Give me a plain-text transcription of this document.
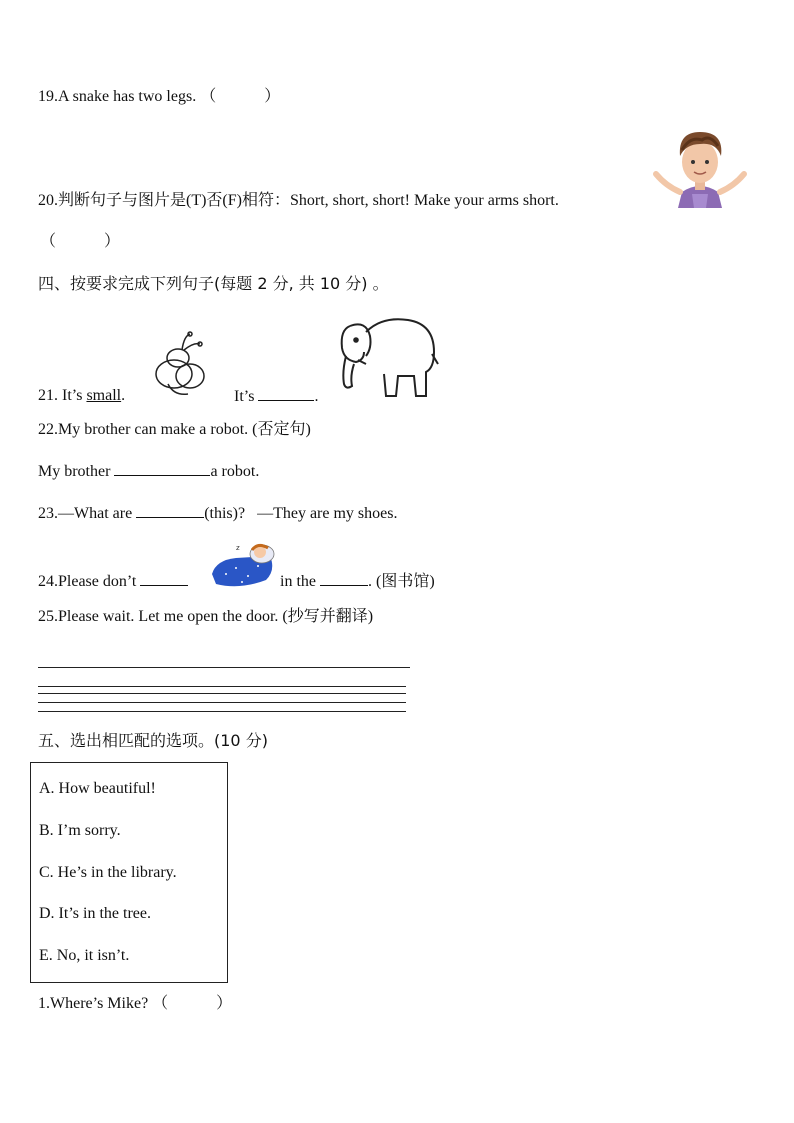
19.A snake has two legs. （　　　）
20.判断句子与图片是(T)否(F)相符：Short, short, short! Make your arms short.
（　　　）
四、按要求完成下列句子(每题 2 分, 共 10 分) 。
21. It’s small.	It’s	.
22.My brother can make a robot. (否定句)
My brother	a robot.
23.—What are	(this)? —They are my shoes.
z
24.Please don’t	in the	. (图书馆)
25.Please wait. Let me open the door. (抄写并翻译)
五、选出相匹配的选项。(10 分)
A. How beautiful!
B. I’m sorry.
C. He’s in the library.
D. It’s in the tree.
E. No, it isn’t.
1.Where’s Mike? （　　　）
